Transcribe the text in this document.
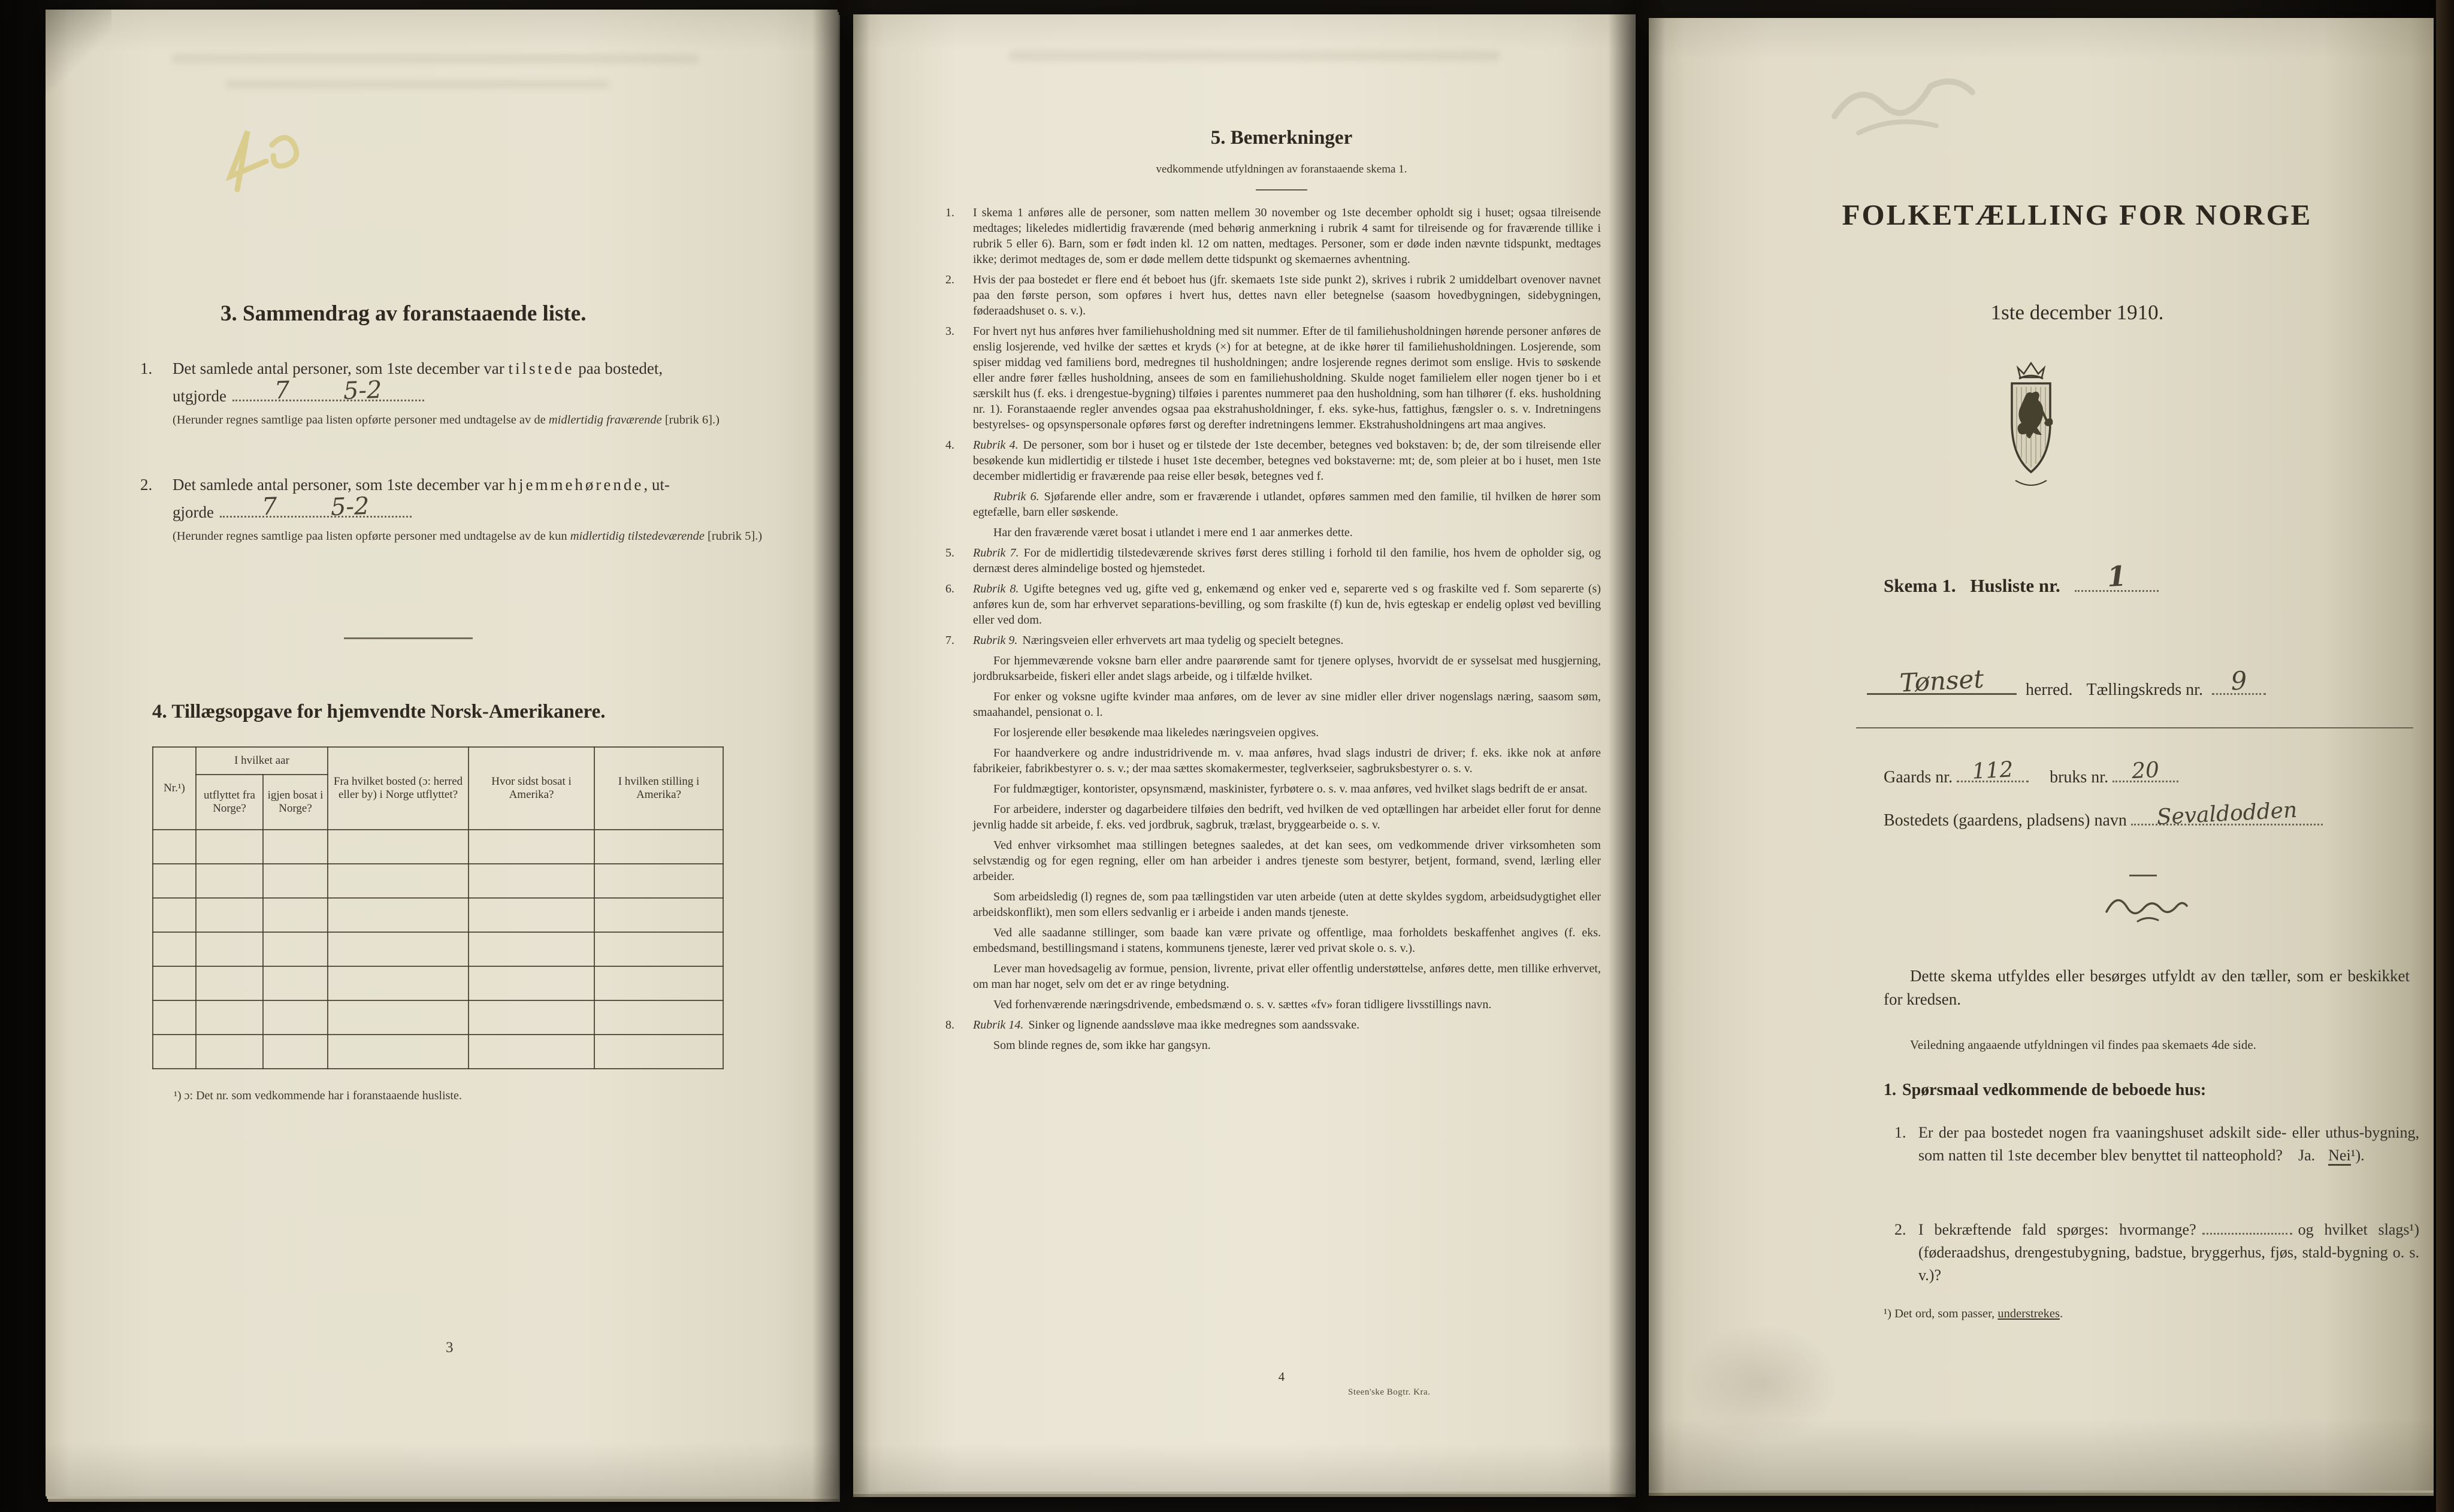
3. Sammendrag av foranstaaende liste.
1. Det samlede antal personer, som 1ste december var tilstede paa bostedet,
utgjorde 7 5-2
(Herunder regnes samtlige paa listen opførte personer med undtagelse av de midlertidig fraværende [rubrik 6].)
2. Det samlede antal personer, som 1ste december var hjemmehørende, ut-
gjorde 7 5-2
(Herunder regnes samtlige paa listen opførte personer med undtagelse av de kun midlertidig tilstedeværende [rubrik 5].)
4. Tillægsopgave for hjemvendte Norsk-Amerikanere.
Nr.¹)	I hvilket aar		Fra hvilket bosted (ɔ: herred eller by) i Norge utflyttet?	Hvor sidst bosat i Amerika?	I hvilken stilling i Amerika?
	utflyttet fra Norge?	igjen bosat i Norge?			

¹) ɔ: Det nr. som vedkommende har i foranstaaende husliste.
3
5. Bemerkninger
vedkommende utfyldningen av foranstaaende skema 1.

1. I skema 1 anføres alle de personer, som natten mellem 30 november og 1ste december opholdt sig i huset; ogsaa tilreisende medtages; likeledes midlertidig fraværende (med behørig anmerkning i rubrik 4 samt for tilreisende og for fraværende tillike i rubrik 5 eller 6). Barn, som er født inden kl. 12 om natten, medtages. Personer, som er døde inden nævnte tidspunkt, medtages ikke; derimot medtages de, som er døde mellem dette tidspunkt og skemaernes avhentning.

2. Hvis der paa bostedet er flere end ét beboet hus (jfr. skemaets 1ste side punkt 2), skrives i rubrik 2 umiddelbart ovenover navnet paa den første person, som opføres i hvert hus, dettes navn eller betegnelse (saasom hovedbygningen, sidebygningen, føderaadshuset o. s. v.).

3. For hvert nyt hus anføres hver familiehusholdning med sit nummer. Efter de til familiehusholdningen hørende personer anføres de enslig losjerende, ved hvilke der sættes et kryds (×) for at betegne, at de ikke hører til familiehusholdningen. Losjerende, som spiser middag ved familiens bord, medregnes til husholdningen; andre losjerende regnes derimot som enslige. Hvis to søskende eller andre fører fælles husholdning, ansees de som en familiehusholdning. Skulde noget familielem eller nogen tjener bo i et særskilt hus (f. eks. i drengestue-bygning) tilføies i parentes nummeret paa den husholdning, som han tilhører (f. eks. husholdning nr. 1). Foranstaaende regler anvendes ogsaa paa ekstrahusholdninger, f. eks. syke-hus, fattighus, fængsler o. s. v. Indretningens bestyrelses- og opsynspersonale opføres først og derefter indretningens lemmer. Ekstrahusholdningens art maa angives.

4. Rubrik 4. De personer, som bor i huset og er tilstede der 1ste december, betegnes ved bokstaven: b; de, der som tilreisende eller besøkende kun midlertidig er tilstede i huset 1ste december, betegnes ved bokstaverne: mt; de, som pleier at bo i huset, men 1ste december midlertidig er fraværende paa reise eller besøk, betegnes ved f.

Rubrik 6. Sjøfarende eller andre, som er fraværende i utlandet, opføres sammen med den familie, til hvilken de hører som egtefælle, barn eller søskende.

Har den fraværende været bosat i utlandet i mere end 1 aar anmerkes dette.

5. Rubrik 7. For de midlertidig tilstedeværende skrives først deres stilling i forhold til den familie, hos hvem de opholder sig, og dernæst deres almindelige bosted og hjemstedet.

6. Rubrik 8. Ugifte betegnes ved ug, gifte ved g, enkemænd og enker ved e, separerte ved s og fraskilte ved f. Som separerte (s) anføres kun de, som har erhvervet separations-bevilling, og som fraskilte (f) kun de, hvis egteskap er endelig opløst ved bevilling eller ved dom.

7. Rubrik 9. Næringsveien eller erhvervets art maa tydelig og specielt betegnes.

For hjemmeværende voksne barn eller andre paarørende samt for tjenere oplyses, hvorvidt de er sysselsat med husgjerning, jordbruksarbeide, fiskeri eller andet slags arbeide, og i tilfælde hvilket.

For enker og voksne ugifte kvinder maa anføres, om de lever av sine midler eller driver nogenslags næring, saasom søm, smaahandel, pensionat o. l.

For losjerende eller besøkende maa likeledes næringsveien opgives.

For haandverkere og andre industridrivende m. v. maa anføres, hvad slags industri de driver; f. eks. ikke nok at anføre fabrikeier, fabrikbestyrer o. s. v.; der maa sættes skomakermester, teglverkseier, sagbruksbestyrer o. s. v.

For fuldmægtiger, kontorister, opsynsmænd, maskinister, fyrbøtere o. s. v. maa anføres, ved hvilket slags bedrift de er ansat.

For arbeidere, inderster og dagarbeidere tilføies den bedrift, ved hvilken de ved optællingen har arbeidet eller forut for denne jevnlig hadde sit arbeide, f. eks. ved jordbruk, sagbruk, trælast, bryggearbeide o. s. v.

Ved enhver virksomhet maa stillingen betegnes saaledes, at det kan sees, om vedkommende driver virksomheten som selvstændig og for egen regning, eller om han arbeider i andres tjeneste som bestyrer, betjent, formand, svend, lærling eller arbeider.

Som arbeidsledig (l) regnes de, som paa tællingstiden var uten arbeide (uten at dette skyldes sygdom, arbeidsudygtighet eller arbeidskonflikt), men som ellers sedvanlig er i arbeide i anden mands tjeneste.

Ved alle saadanne stillinger, som baade kan være private og offentlige, maa forholdets beskaffenhet angives (f. eks. embedsmand, bestillingsmand i statens, kommunens tjeneste, lærer ved privat skole o. s. v.).

Lever man hovedsagelig av formue, pension, livrente, privat eller offentlig understøttelse, anføres dette, men tillike erhvervet, om man har noget, selv om det er av ringe betydning.

Ved forhenværende næringsdrivende, embedsmænd o. s. v. sættes «fv» foran tidligere livsstillings navn.

8. Rubrik 14. Sinker og lignende aandssløve maa ikke medregnes som aandssvake.

Som blinde regnes de, som ikke har gangsyn.

4
Steen'ske Bogtr. Kra.
FOLKETÆLLING FOR NORGE
1ste december 1910.
Skema 1. Husliste nr. 1
Tønset herred. Tællingskreds nr. 9
Gaards nr. 112 bruks nr. 20
Bostedets (gaardens, pladsens) navn Sevaldodden

Dette skema utfyldes eller besørges utfyldt av den tæller, som er beskikket for kredsen.

Veiledning angaaende utfyldningen vil findes paa skemaets 4de side.
1. Spørsmaal vedkommende de beboede hus:
1. Er der paa bostedet nogen fra vaaningshuset adskilt side- eller uthus-bygning, som natten til 1ste december blev benyttet til natteophold? Ja. Nei¹).
2. I bekræftende fald spørges: hvormange?	og hvilket slags¹) (føderaadshus, drengestubygning, badstue, bryggerhus, fjøs, stald-bygning o. s. v.)?
¹) Det ord, som passer, understrekes.
